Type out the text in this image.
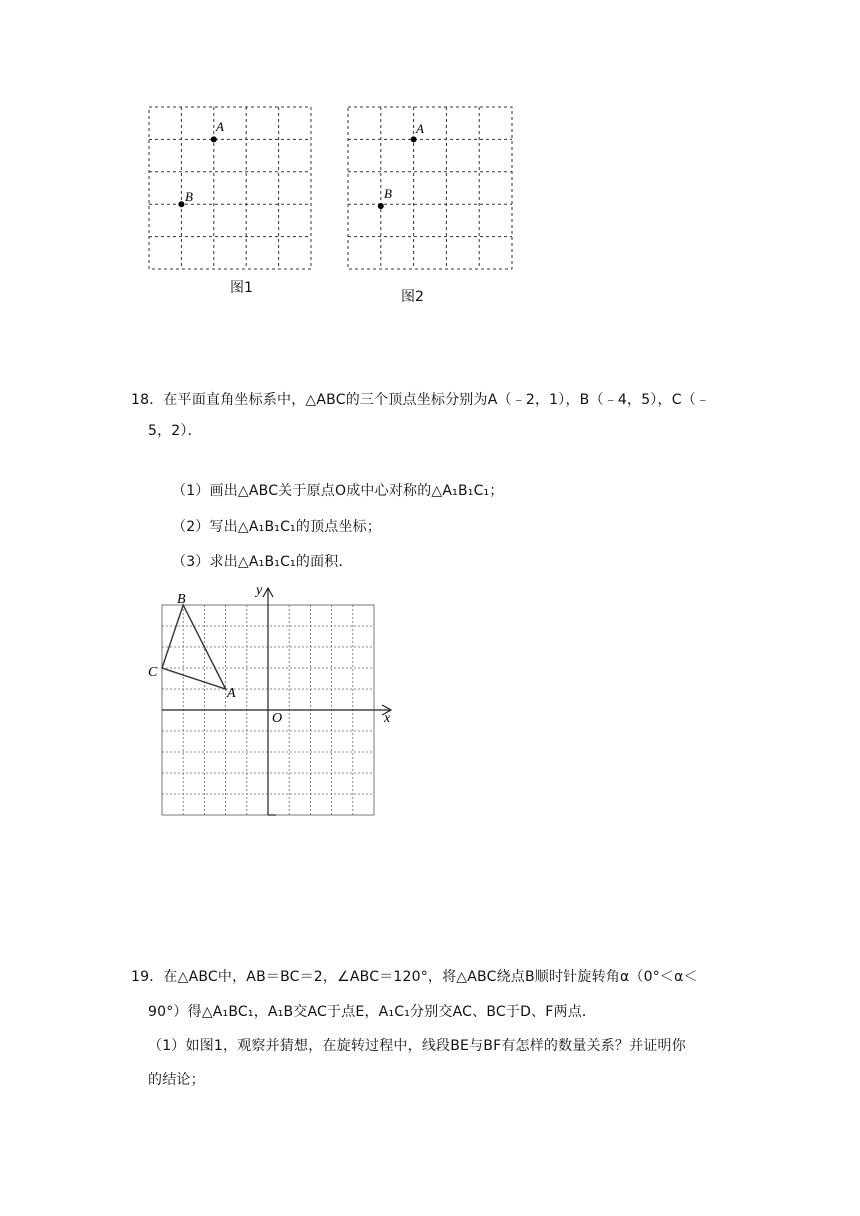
A
B
A
B
x
y
O
A
B
C
图1
图2
18．在平面直角坐标系中，△ABC的三个顶点坐标分别为A（﹣2，1），B（﹣4，5），C（﹣
5，2）．
（1）画出△ABC关于原点O成中心对称的△A₁B₁C₁；
（2）写出△A₁B₁C₁的顶点坐标；
（3）求出△A₁B₁C₁的面积．
19．在△ABC中，AB＝BC＝2，∠ABC＝120°，将△ABC绕点B顺时针旋转角α（0°＜α＜
90°）得△A₁BC₁，A₁B交AC于点E，A₁C₁分别交AC、BC于D、F两点．
（1）如图1，观察并猜想，在旋转过程中，线段BE与BF有怎样的数量关系？并证明你
的结论；
